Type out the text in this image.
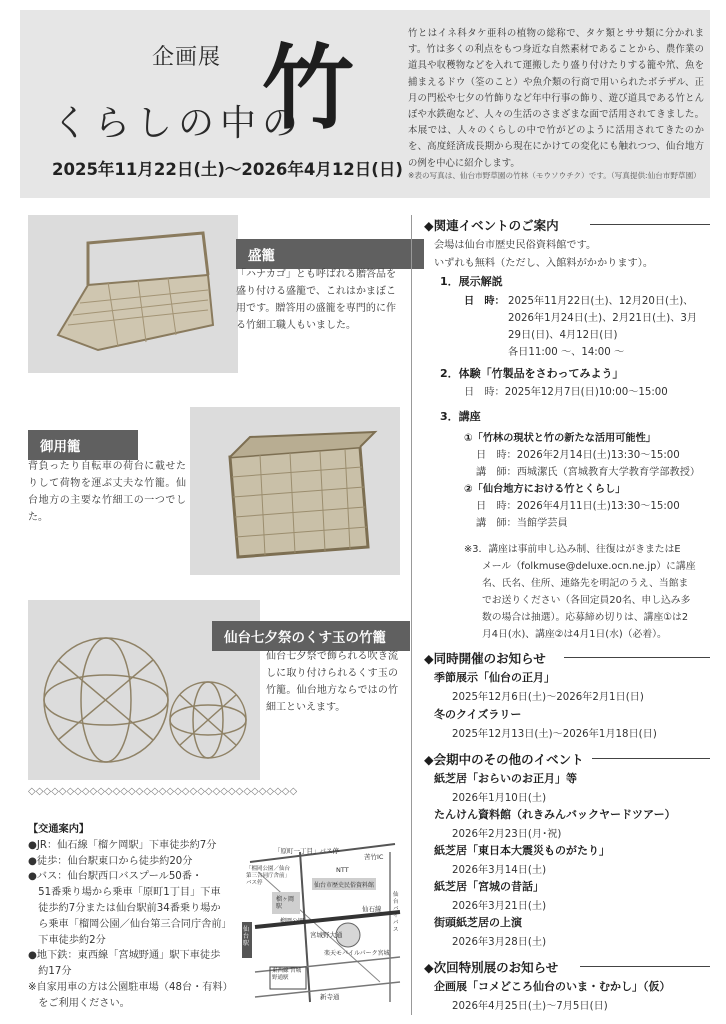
企画展
くらしの中の
竹
2025年11月22日(土)～2026年4月12日(日)
竹とはイネ科タケ亜科の植物の総称で、タケ類とササ類に分かれます。竹は多くの利点をもつ身近な自然素材であることから、農作業の道具や収穫物などを入れて運搬したり盛り付けたりする籠や笊、魚を捕まえるドウ（筌のこと）や魚介類の行商で用いられたボテザル、正月の門松や七夕の竹飾りなど年中行事の飾り、遊び道具である竹とんぼや水鉄砲など、人々の生活のさまざまな面で活用されてきました。本展では、人々のくらしの中で竹がどのように活用されてきたのかを、高度経済成長期から現在にかけての変化にも触れつつ、仙台地方の例を中心に紹介します。
※表の写真は、仙台市野草園の竹林（モウソウチク）です。（写真提供:仙台市野草園）
盛籠
「ハナカゴ」とも呼ばれる贈答品を盛り付ける盛籠で、これはかまぼこ用です。贈答用の盛籠を専門的に作る竹細工職人もいました。
御用籠
背負ったり自転車の荷台に載せたりして荷物を運ぶ丈夫な竹籠。仙台地方の主要な竹細工の一つでした。
仙台七夕祭のくす玉の竹籠
仙台七夕祭で飾られる吹き流しに取り付けられるくす玉の竹籠。仙台地方ならではの竹細工といえます。
◇◇◇◇◇◇◇◇◇◇◇◇◇◇◇◇◇◇◇◇◇◇◇◇◇◇◇◇◇◇◇◇◇◇◇

【交通案内】

●JR：仙石線「榴ケ岡駅」下車徒歩約7分

●徒歩：仙台駅東口から徒歩約20分

●バス：仙台駅西口バスプール50番・

　51番乗り場から乗車「原町1丁目」下車

　徒歩約7分または仙台駅前34番乗り場か

　ら乗車「榴岡公園／仙台第三合同庁舎前」

　下車徒歩約2分

●地下鉄：東西線「宮城野通」駅下車徒歩

　約17分

※自家用車の方は公園駐車場（48台・有料）

　をご利用ください。

「原町一丁目」バス停
「榴岡公園／仙台第三合同庁舎前」バス停
NTT
苦竹IC
仙台市歴史民俗資料館
榴ヶ岡駅
榴岡公園
仙石線
宮城野大通
楽天モバイルパーク宮城
東西線 宮城野通駅
新寺通
仙台駅
仙台バイパス
◆関連イベントのご案内
会場は仙台市歴史民俗資料館です。
いずれも無料（ただし、入館料がかかります）。
1．展示解説
日　時： 2025年11月22日(土)、12月20日(土)、
2026年1月24日(土)、2月21日(土)、3月
29日(日)、4月12日(日)
各日11:00 ～、14:00 ～
2．体験「竹製品をさわってみよう」
日　時：2025年12月7日(日)10:00～15:00
3．講座
①「竹林の現状と竹の新たな活用可能性」
日　時：2026年2月14日(土)13:30～15:00
講　師：西城潔氏（宮城教育大学教育学部教授）
②「仙台地方における竹とくらし」
日　時：2026年4月11日(土)13:30～15:00
講　師：当館学芸員
※3．講座は事前申し込み制、往復はがきまたはE
メール（folkmuse@deluxe.ocn.ne.jp）に講座
名、氏名、住所、連絡先を明記のうえ、当館ま
でお送りください（各回定員20名、申し込み多
数の場合は抽選）。応募締め切りは、講座①は2
月4日(水)、講座②は4月1日(水)（必着）。
◆同時開催のお知らせ
季節展示「仙台の正月」
2025年12月6日(土)～2026年2月1日(日)
冬のクイズラリー
2025年12月13日(土)～2026年1月18日(日)
◆会期中のその他のイベント
紙芝居「おらいのお正月」等
2026年1月10日(土)
たんけん資料館（れきみんバックヤードツアー）
2026年2月23日(月･祝)
紙芝居「東日本大震災ものがたり」
2026年3月14日(土)
紙芝居「宮城の昔話」
2026年3月21日(土)
街頭紙芝居の上演
2026年3月28日(土)
◆次回特別展のお知らせ
企画展「コメどころ仙台のいま・むかし」（仮）
2026年4月25日(土)～7月5日(日)
